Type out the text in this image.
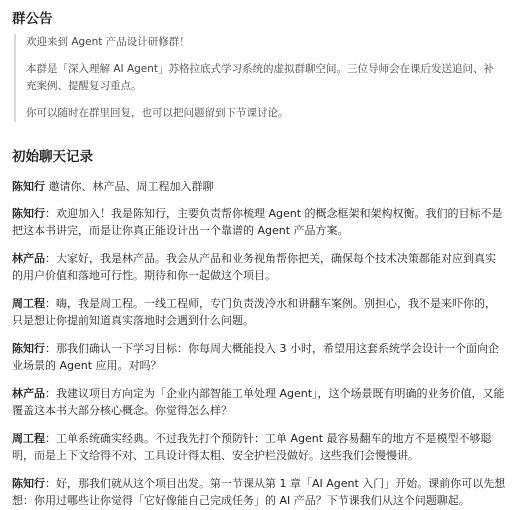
群公告

欢迎来到 Agent 产品设计研修群！

本群是「深入理解 AI Agent」苏格拉底式学习系统的虚拟群聊空间。三位导师会在课后发送追问、补充案例、提醒复习重点。

你可以随时在群里回复，也可以把问题留到下节课讨论。

初始聊天记录

陈知行 邀请你、林产品、周工程加入群聊

陈知行：欢迎加入！我是陈知行，主要负责帮你梳理 Agent 的概念框架和架构权衡。我们的目标不是把这本书讲完，而是让你真正能设计出一个靠谱的 Agent 产品方案。

林产品：大家好，我是林产品。我会从产品和业务视角帮你把关，确保每个技术决策都能对应到真实的用户价值和落地可行性。期待和你一起做这个项目。

周工程：嗨，我是周工程。一线工程师，专门负责泼冷水和讲翻车案例。别担心，我不是来吓你的，只是想让你提前知道真实落地时会遇到什么问题。

陈知行：那我们确认一下学习目标：你每周大概能投入 3 小时，希望用这套系统学会设计一个面向企业场景的 Agent 应用。对吗？

林产品：我建议项目方向定为「企业内部智能工单处理 Agent」，这个场景既有明确的业务价值，又能覆盖这本书大部分核心概念。你觉得怎么样？

周工程：工单系统确实经典。不过我先打个预防针：工单 Agent 最容易翻车的地方不是模型不够聪明，而是上下文给得不对、工具设计得太粗、安全护栏没做好。这些我们会慢慢讲。

陈知行：好，那我们就从这个项目出发。第一节课从第 1 章「AI Agent 入门」开始。课前你可以先想想：你用过哪些让你觉得「它好像能自己完成任务」的 AI 产品？下节课我们从这个问题聊起。
